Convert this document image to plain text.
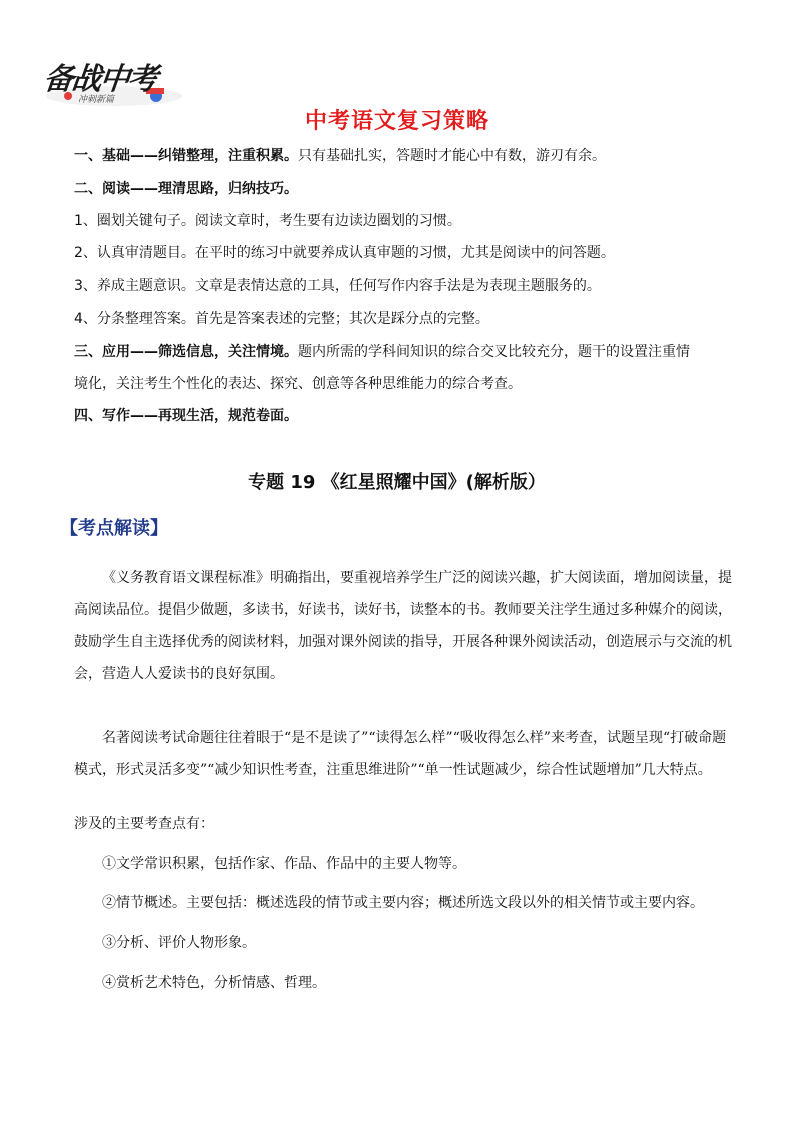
备战中考
冲刺新篇
中考语文复习策略
一、基础——纠错整理，注重积累。只有基础扎实，答题时才能心中有数，游刃有余。
二、阅读——理清思路，归纳技巧。
1、圈划关键句子。阅读文章时，考生要有边读边圈划的习惯。
2、认真审清题目。在平时的练习中就要养成认真审题的习惯，尤其是阅读中的问答题。
3、养成主题意识。文章是表情达意的工具，任何写作内容手法是为表现主题服务的。
4、分条整理答案。首先是答案表述的完整；其次是踩分点的完整。
三、应用——筛选信息，关注情境。题内所需的学科间知识的综合交叉比较充分，题干的设置注重情
境化，关注考生个性化的表达、探究、创意等各种思维能力的综合考查。
四、写作——再现生活，规范卷面。
专题 19 《红星照耀中国》(解析版）
【考点解读】
《义务教育语文课程标准》明确指出，要重视培养学生广泛的阅读兴趣，扩大阅读面，增加阅读量，提高阅读品位。提倡少做题，多读书，好读书，读好书，读整本的书。教师要关注学生通过多种媒介的阅读，鼓励学生自主选择优秀的阅读材料，加强对课外阅读的指导，开展各种课外阅读活动，创造展示与交流的机会，营造人人爱读书的良好氛围。
名著阅读考试命题往往着眼于“是不是读了”“读得怎么样”“吸收得怎么样”来考查，试题呈现“打破命题模式，形式灵活多变”“减少知识性考查，注重思维进阶”“单一性试题减少，综合性试题增加”几大特点。
涉及的主要考查点有：
①文学常识积累，包括作家、作品、作品中的主要人物等。
②情节概述。主要包括：概述选段的情节或主要内容；概述所选文段以外的相关情节或主要内容。
③分析、评价人物形象。
④赏析艺术特色，分析情感、哲理。
